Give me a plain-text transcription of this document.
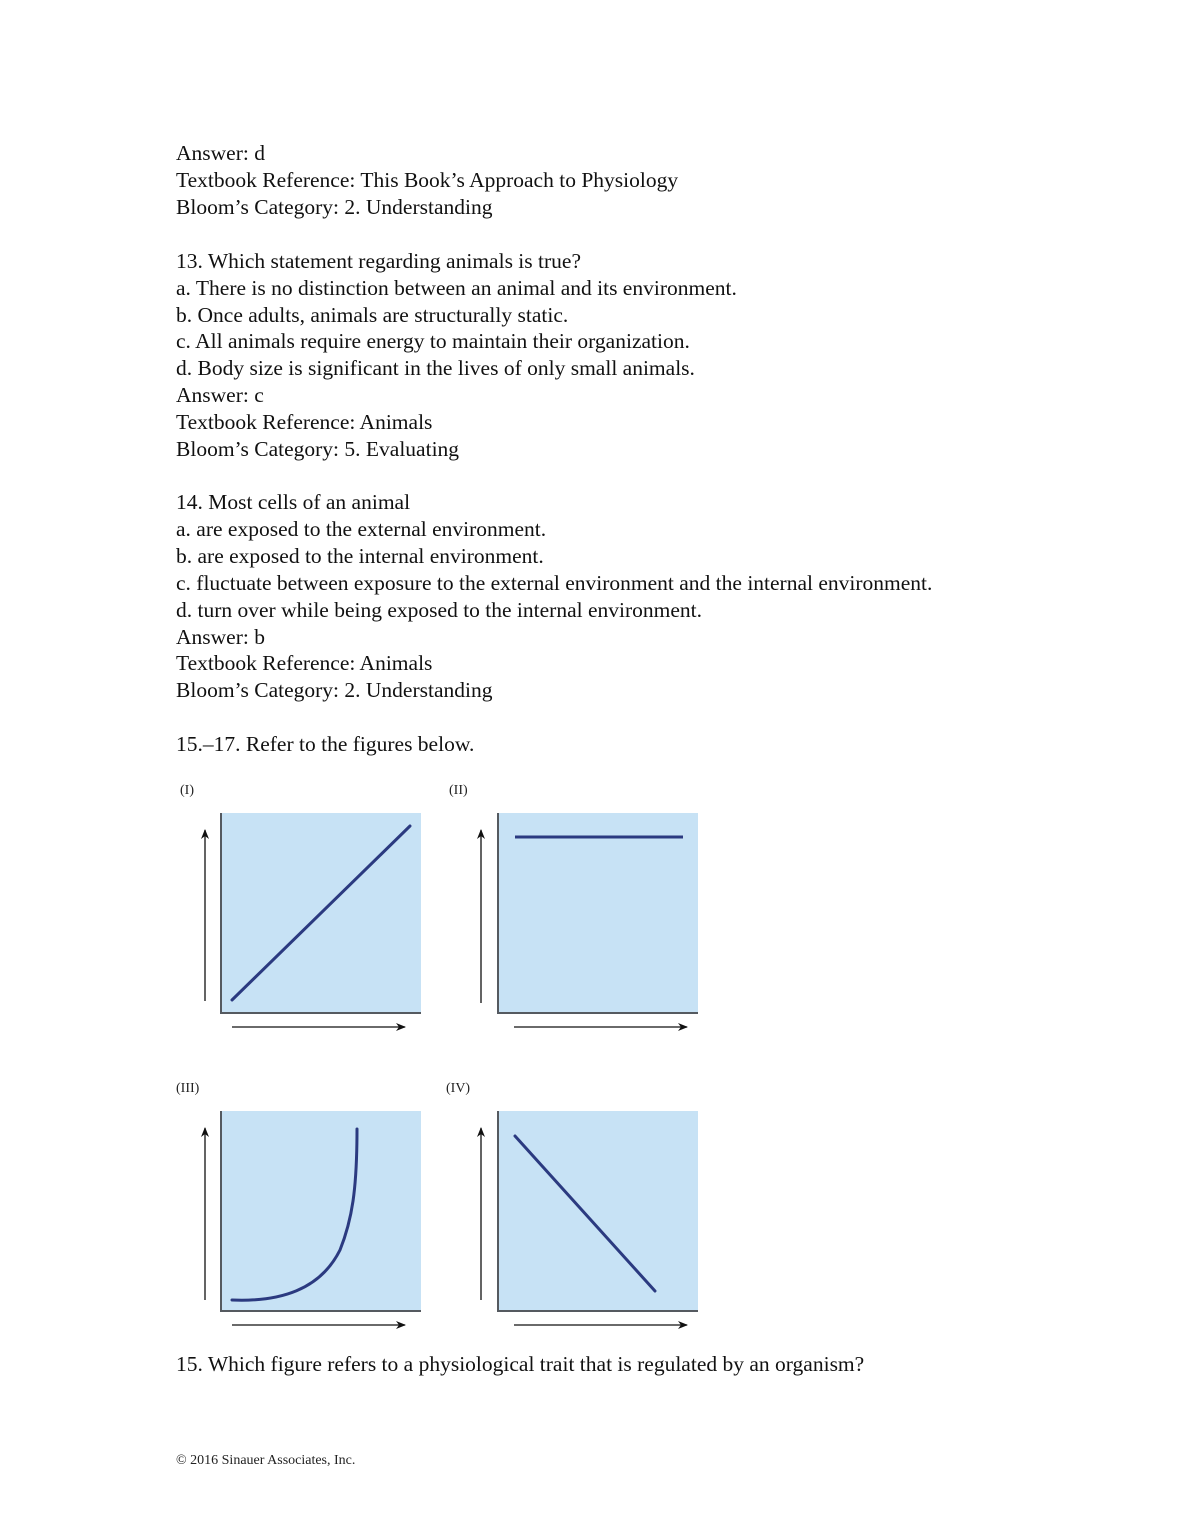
Answer: d
Textbook Reference: This Book’s Approach to Physiology
Bloom’s Category: 2. Understanding
13. Which statement regarding animals is true?
a. There is no distinction between an animal and its environment.
b. Once adults, animals are structurally static.
c. All animals require energy to maintain their organization.
d. Body size is significant in the lives of only small animals.
Answer: c
Textbook Reference: Animals
Bloom’s Category: 5. Evaluating
14. Most cells of an animal
a. are exposed to the external environment.
b. are exposed to the internal environment.
c. fluctuate between exposure to the external environment and the internal environment.
d. turn over while being exposed to the internal environment.
Answer: b
Textbook Reference: Animals
Bloom’s Category: 2. Understanding
15.–17. Refer to the figures below.
(I)	(II)
(III)	(IV)
15. Which figure refers to a physiological trait that is regulated by an organism?
© 2016 Sinauer Associates, Inc.
